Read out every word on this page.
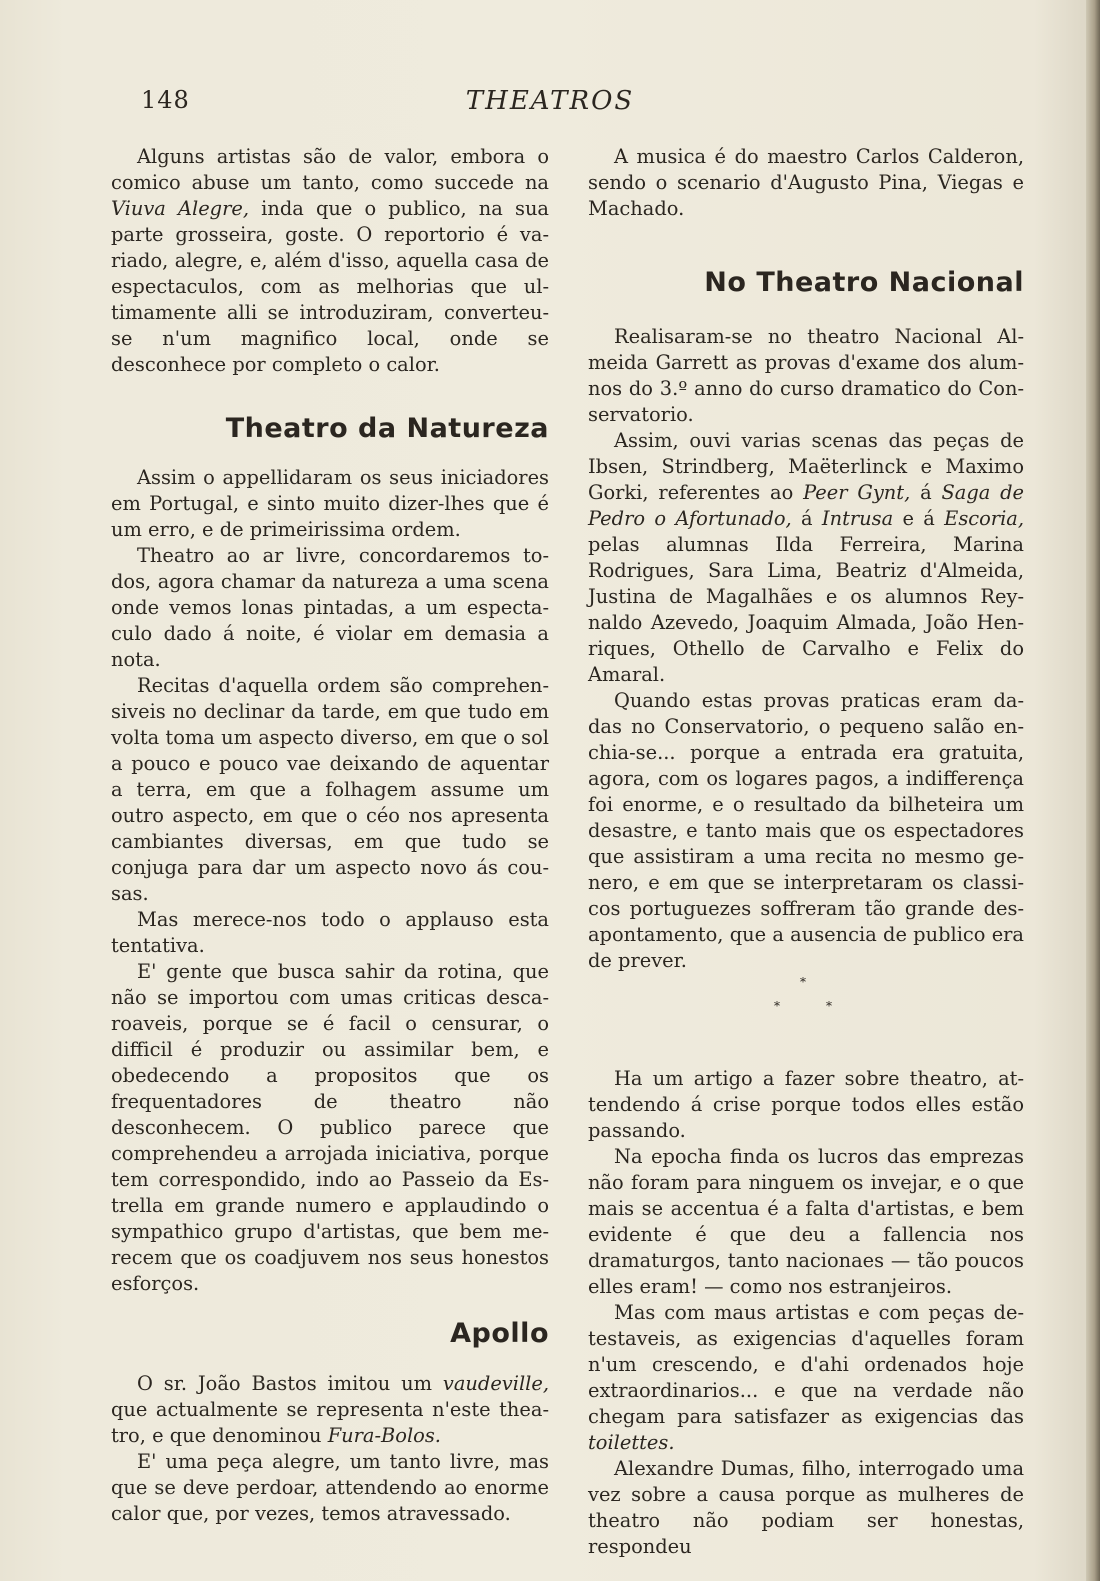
148	THEATROS

Alguns artistas são de valor, embora o comico abuse um tanto, como succede na Viuva Alegre, inda que o publico, na sua parte grosseira, goste. O reportorio é variado, alegre, e, além d'isso, aquella casa de espectaculos, com as melhorias que ultimamente alli se introduziram, converteu-se n'um magnifico local, onde se desconhece por completo o calor.

Theatro da Natureza

Assim o appellidaram os seus iniciadores em Portugal, e sinto muito dizer-lhes que é um erro, e de primeirissima ordem.

Theatro ao ar livre, concordaremos todos, agora chamar da natureza a uma scena onde vemos lonas pintadas, a um espectaculo dado á noite, é violar em demasia a nota.

Recitas d'aquella ordem são comprehensiveis no declinar da tarde, em que tudo em volta toma um aspecto diverso, em que o sol a pouco e pouco vae deixando de aquentar a terra, em que a folhagem assume um outro aspecto, em que o céo nos apresenta cambiantes diversas, em que tudo se conjuga para dar um aspecto novo ás cousas.

Mas merece-nos todo o applauso esta tentativa.

E' gente que busca sahir da rotina, que não se importou com umas criticas descaroaveis, porque se é facil o censurar, o difficil é produzir ou assimilar bem, e obedecendo a propositos que os frequentadores de theatro não desconhecem. O publico parece que comprehendeu a arrojada iniciativa, porque tem correspondido, indo ao Passeio da Estrella em grande numero e applaudindo o sympathico grupo d'artistas, que bem merecem que os coadjuvem nos seus honestos esforços.

Apollo

O sr. João Bastos imitou um vaudeville, que actualmente se representa n'este theatro, e que denominou Fura-Bolos.

E' uma peça alegre, um tanto livre, mas que se deve perdoar, attendendo ao enorme calor que, por vezes, temos atravessado.

A musica é do maestro Carlos Calderon, sendo o scenario d'Augusto Pina, Viegas e Machado.

No Theatro Nacional

Realisaram-se no theatro Nacional Almeida Garrett as provas d'exame dos alumnos do 3.º anno do curso dramatico do Conservatorio.

Assim, ouvi varias scenas das peças de Ibsen, Strindberg, Maëterlinck e Maximo Gorki, referentes ao Peer Gynt, á Saga de Pedro o Afortunado, á Intrusa e á Escoria, pelas alumnas Ilda Ferreira, Marina Rodrigues, Sara Lima, Beatriz d'Almeida, Justina de Magalhães e os alumnos Reynaldo Azevedo, Joaquim Almada, João Henriques, Othello de Carvalho e Felix do Amaral.

Quando estas provas praticas eram dadas no Conservatorio, o pequeno salão enchia-se... porque a entrada era gratuita, agora, com os logares pagos, a indifferença foi enorme, e o resultado da bilheteira um desastre, e tanto mais que os espectadores que assistiram a uma recita no mesmo genero, e em que se interpretaram os classicos portuguezes soffreram tão grande desapontamento, que a ausencia de publico era de prever.

Ha um artigo a fazer sobre theatro, attendendo á crise porque todos elles estão passando.

Na epocha finda os lucros das emprezas não foram para ninguem os invejar, e o que mais se accentua é a falta d'artistas, e bem evidente é que deu a fallencia nos dramaturgos, tanto nacionaes — tão poucos elles eram! — como nos estranjeiros.

Mas com maus artistas e com peças detestaveis, as exigencias d'aquelles foram n'um crescendo, e d'ahi ordenados hoje extraordinarios... e que na verdade não chegam para satisfazer as exigencias das toilettes.

Alexandre Dumas, filho, interrogado uma vez sobre a causa porque as mulheres de theatro não podiam ser honestas, respondeu

*
*	*
